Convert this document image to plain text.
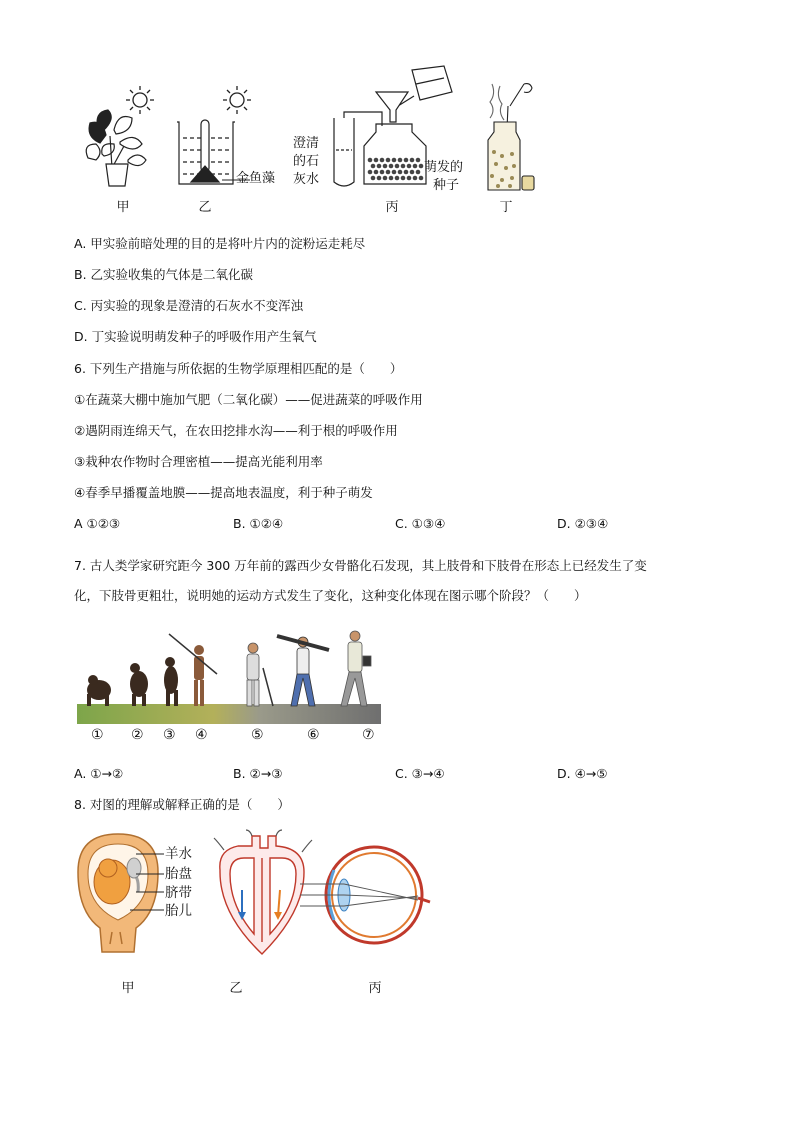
甲
金鱼藻
乙
澄清
的石
灰水
萌发的
种子
丙	丁
A. 甲实验前暗处理的目的是将叶片内的淀粉运走耗尽
B. 乙实验收集的气体是二氧化碳
C. 丙实验的现象是澄清的石灰水不变浑浊
D. 丁实验说明萌发种子的呼吸作用产生氧气
6. 下列生产措施与所依据的生物学原理相匹配的是（　　）
①在蔬菜大棚中施加气肥（二氧化碳）——促进蔬菜的呼吸作用
②遇阴雨连绵天气，在农田挖排水沟——利于根的呼吸作用
③栽种农作物时合理密植——提高光能利用率
④春季早播覆盖地膜——提高地表温度，利于种子萌发
A ①②③	B. ①②④	C. ①③④	D. ②③④
7. 古人类学家研究距今 300 万年前的露西少女骨骼化石发现，其上肢骨和下肢骨在形态上已经发生了变
化，下肢骨更粗壮，说明她的运动方式发生了变化，这种变化体现在图示哪个阶段？（　　）
① ② ③ ④	⑤	⑥	⑦
A. ①→②	B. ②→③	C. ③→④	D. ④→⑤
8. 对图的理解或解释正确的是（　　）
羊水
胎盘
脐带
胎儿
甲	乙	丙
